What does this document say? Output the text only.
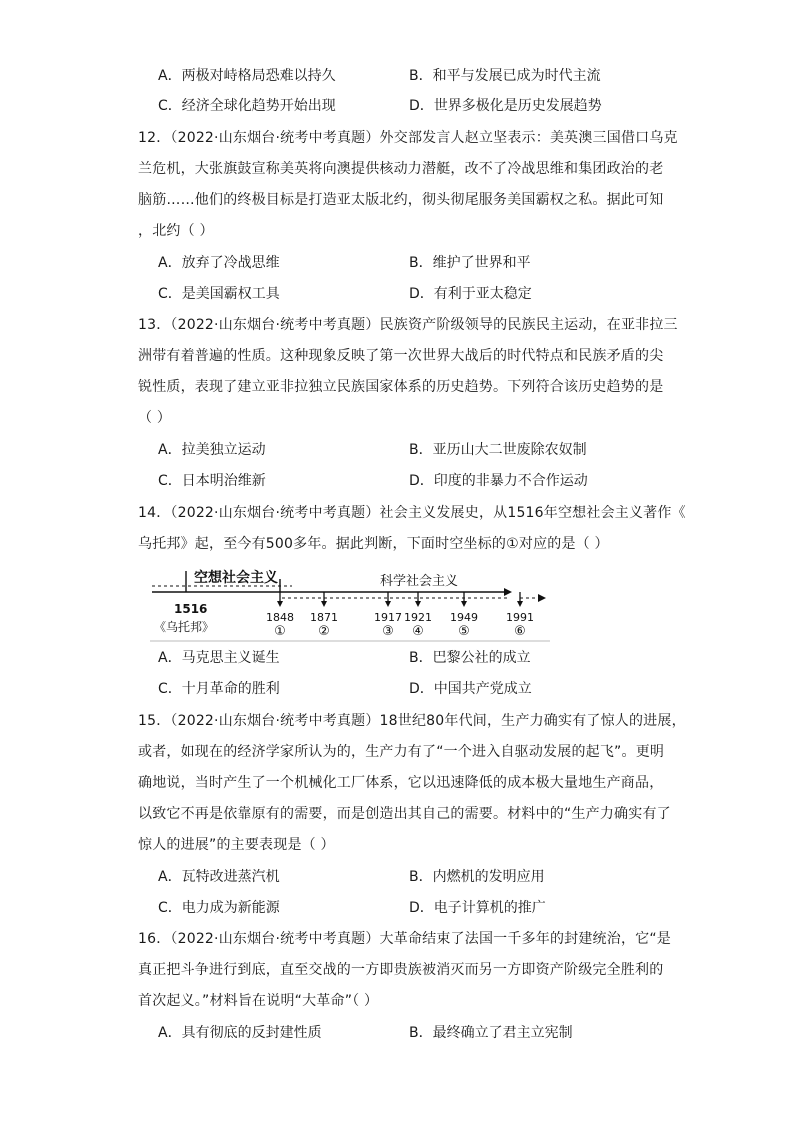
A．两极对峙格局恐难以持久	B．和平与发展已成为时代主流
C．经济全球化趋势开始出现	D．世界多极化是历史发展趋势
12．（2022·山东烟台·统考中考真题）外交部发言人赵立坚表示：美英澳三国借口乌克
兰危机，大张旗鼓宣称美英将向澳提供核动力潜艇，改不了冷战思维和集团政治的老
脑筋……他们的终极目标是打造亚太版北约，彻头彻尾服务美国霸权之私。据此可知
，北约（ ）
A．放弃了冷战思维	B．维护了世界和平
C．是美国霸权工具	D．有利于亚太稳定
13．（2022·山东烟台·统考中考真题）民族资产阶级领导的民族民主运动，在亚非拉三
洲带有着普遍的性质。这种现象反映了第一次世界大战后的时代特点和民族矛盾的尖
锐性质，表现了建立亚非拉独立民族国家体系的历史趋势。下列符合该历史趋势的是
（ ）
A．拉美独立运动	B．亚历山大二世废除农奴制
C．日本明治维新	D．印度的非暴力不合作运动
14．（2022·山东烟台·统考中考真题）社会主义发展史，从1516年空想社会主义著作《
乌托邦》起，至今有500多年。据此判断，下面时空坐标的①对应的是（ ）
空想社会主义	科学社会主义
1516
《乌托邦》
1848
①
1871
②
1917
③
1921
④
1949
⑤
1991
⑥
A．马克思主义诞生	B．巴黎公社的成立
C．十月革命的胜利	D．中国共产党成立
15．（2022·山东烟台·统考中考真题）18世纪80年代间，生产力确实有了惊人的进展，
或者，如现在的经济学家所认为的，生产力有了“一个进入自驱动发展的起飞”。更明
确地说，当时产生了一个机械化工厂体系，它以迅速降低的成本极大量地生产商品，
以致它不再是依靠原有的需要，而是创造出其自己的需要。材料中的“生产力确实有了
惊人的进展”的主要表现是（ ）
A．瓦特改进蒸汽机	B．内燃机的发明应用
C．电力成为新能源	D．电子计算机的推广
16．（2022·山东烟台·统考中考真题）大革命结束了法国一千多年的封建统治，它“是
真正把斗争进行到底，直至交战的一方即贵族被消灭而另一方即资产阶级完全胜利的
首次起义。”材料旨在说明“大革命”（ ）
A．具有彻底的反封建性质	B．最终确立了君主立宪制
